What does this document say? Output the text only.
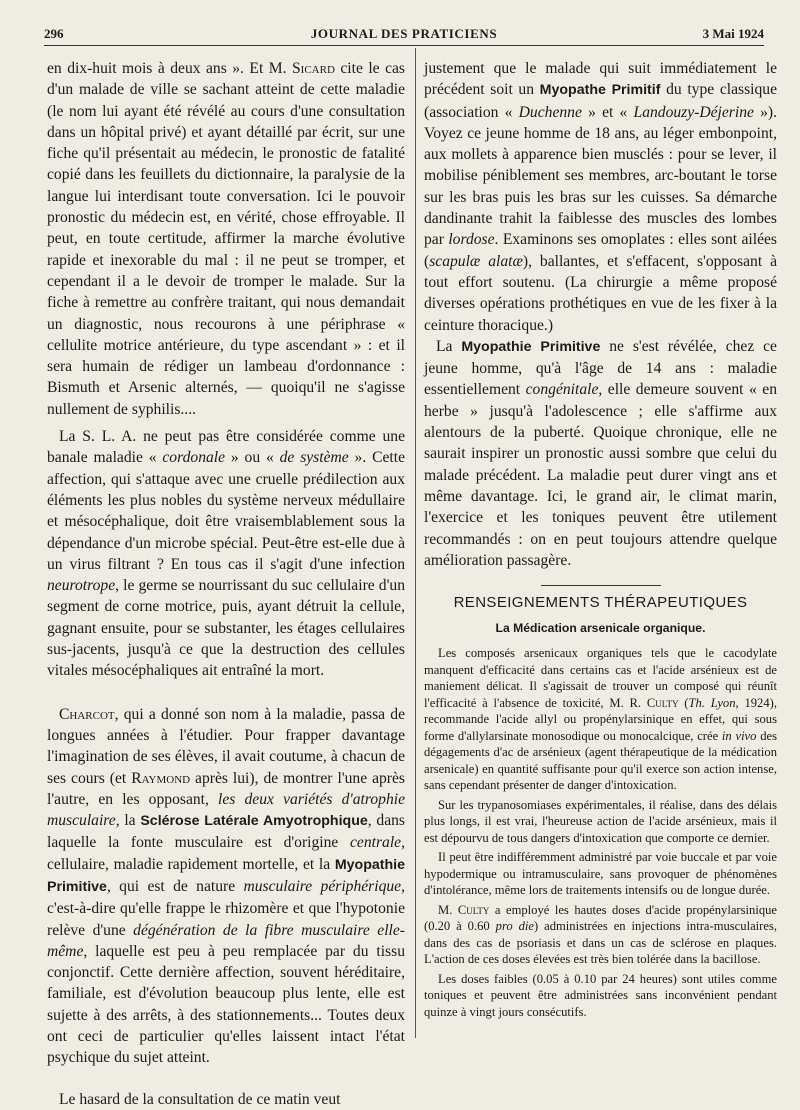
296	JOURNAL DES PRATICIENS	3 Mai 1924

en dix-huit mois à deux ans ». Et M. Sicard cite le cas d'un malade de ville se sachant atteint de cette maladie (le nom lui ayant été révélé au cours d'une consultation dans un hôpital privé) et ayant détaillé par écrit, sur une fiche qu'il présentait au médecin, le pronostic de fatalité copié dans les feuillets du dictionnaire, la paralysie de la langue lui interdisant toute conversation. Ici le pouvoir pronostic du médecin est, en vérité, chose effroyable. Il peut, en toute certitude, affirmer la marche évolutive rapide et inexorable du mal : il ne peut se tromper, et cependant il a le devoir de tromper le malade. Sur la fiche à remettre au confrère traitant, qui nous demandait un diagnostic, nous recourons à une périphrase « cellulite motrice antérieure, du type ascendant » : et il sera humain de rédiger un lambeau d'ordonnance : Bismuth et Arsenic alternés, — quoiqu'il ne s'agisse nullement de syphilis....

La S. L. A. ne peut pas être considérée comme une banale maladie « cordonale » ou « de système ». Cette affection, qui s'attaque avec une cruelle prédilection aux éléments les plus nobles du système nerveux médullaire et mésocéphalique, doit être vraisemblablement sous la dépendance d'un microbe spécial. Peut-être est-elle due à un virus filtrant ? En tous cas il s'agit d'une infection neurotrope, le germe se nourrissant du suc cellulaire d'un segment de corne motrice, puis, ayant détruit la cellule, gagnant ensuite, pour se substanter, les étages cellulaires sus-jacents, jusqu'à ce que la destruction des cellules vitales mésocéphaliques ait entraîné la mort.

Charcot, qui a donné son nom à la maladie, passa de longues années à l'étudier. Pour frapper davantage l'imagination de ses élèves, il avait coutume, à chacun de ses cours (et Raymond après lui), de montrer l'une après l'autre, en les opposant, les deux variétés d'atrophie musculaire, la Sclérose Latérale Amyotrophique, dans laquelle la fonte musculaire est d'origine centrale, cellulaire, maladie rapidement mortelle, et la Myopathie Primitive, qui est de nature musculaire périphérique, c'est-à-dire qu'elle frappe le rhizomère et que l'hypotonie relève d'une dégénération de la fibre musculaire elle-même, laquelle est peu à peu remplacée par du tissu conjonctif. Cette dernière affection, souvent héréditaire, familiale, est d'évolution beaucoup plus lente, elle est sujette à des arrêts, à des stationnements... Toutes deux ont ceci de particulier qu'elles laissent intact l'état psychique du sujet atteint.

Le hasard de la consultation de ce matin veut

justement que le malade qui suit immédiatement le précédent soit un Myopathe Primitif du type classique (association « Duchenne » et « Landouzy-Déjerine »). Voyez ce jeune homme de 18 ans, au léger embonpoint, aux mollets à apparence bien musclés : pour se lever, il mobilise péniblement ses membres, arc-boutant le torse sur les bras puis les bras sur les cuisses. Sa démarche dandinante trahit la faiblesse des muscles des lombes par lordose. Examinons ses omoplates : elles sont ailées (scapulæ alatæ), ballantes, et s'effacent, s'opposant à tout effort soutenu. (La chirurgie a même proposé diverses opérations prothétiques en vue de les fixer à la ceinture thoracique.)

La Myopathie Primitive ne s'est révélée, chez ce jeune homme, qu'à l'âge de 14 ans : maladie essentiellement congénitale, elle demeure souvent « en herbe » jusqu'à l'adolescence ; elle s'affirme aux alentours de la puberté. Quoique chronique, elle ne saurait inspirer un pronostic aussi sombre que celui du malade précédent. La maladie peut durer vingt ans et même davantage. Ici, le grand air, le climat marin, l'exercice et les toniques peuvent être utilement recommandés : on en peut toujours attendre quelque amélioration passagère.

RENSEIGNEMENTS THÉRAPEUTIQUES
La Médication arsenicale organique.

Les composés arsenicaux organiques tels que le cacodylate manquent d'efficacité dans certains cas et l'acide arsénieux est de maniement délicat. Il s'agissait de trouver un composé qui réunît l'efficacité à l'absence de toxicité, M. R. Culty (Th. Lyon, 1924), recommande l'acide allyl ou propénylarsinique en effet, qui sous forme d'allylarsinate monosodique ou monocalcique, crée in vivo des dégagements d'ac de arsénieux (agent thérapeutique de la médication arsenicale) en quantité suffisante pour qu'il exerce son action intense, sans cependant présenter de danger d'intoxication.

Sur les trypanosomiases expérimentales, il réalise, dans des délais plus longs, il est vrai, l'heureuse action de l'acide arsénieux, mais il est dépourvu de tous dangers d'intoxication que comporte ce dernier.

Il peut être indifféremment administré par voie buccale et par voie hypodermique ou intramusculaire, sans provoquer de phénomènes d'intolérance, même lors de traitements intensifs ou de longue durée.

M. Culty a employé les hautes doses d'acide propénylarsinique (0.20 à 0.60 pro die) administrées en injections intra-musculaires, dans des cas de psoriasis et dans un cas de sclérose en plaques. L'action de ces doses élevées est très bien tolérée dans la bacillose.

Les doses faibles (0.05 à 0.10 par 24 heures) sont utiles comme toniques et peuvent être administrées sans inconvénient pendant quinze à vingt jours consécutifs.
